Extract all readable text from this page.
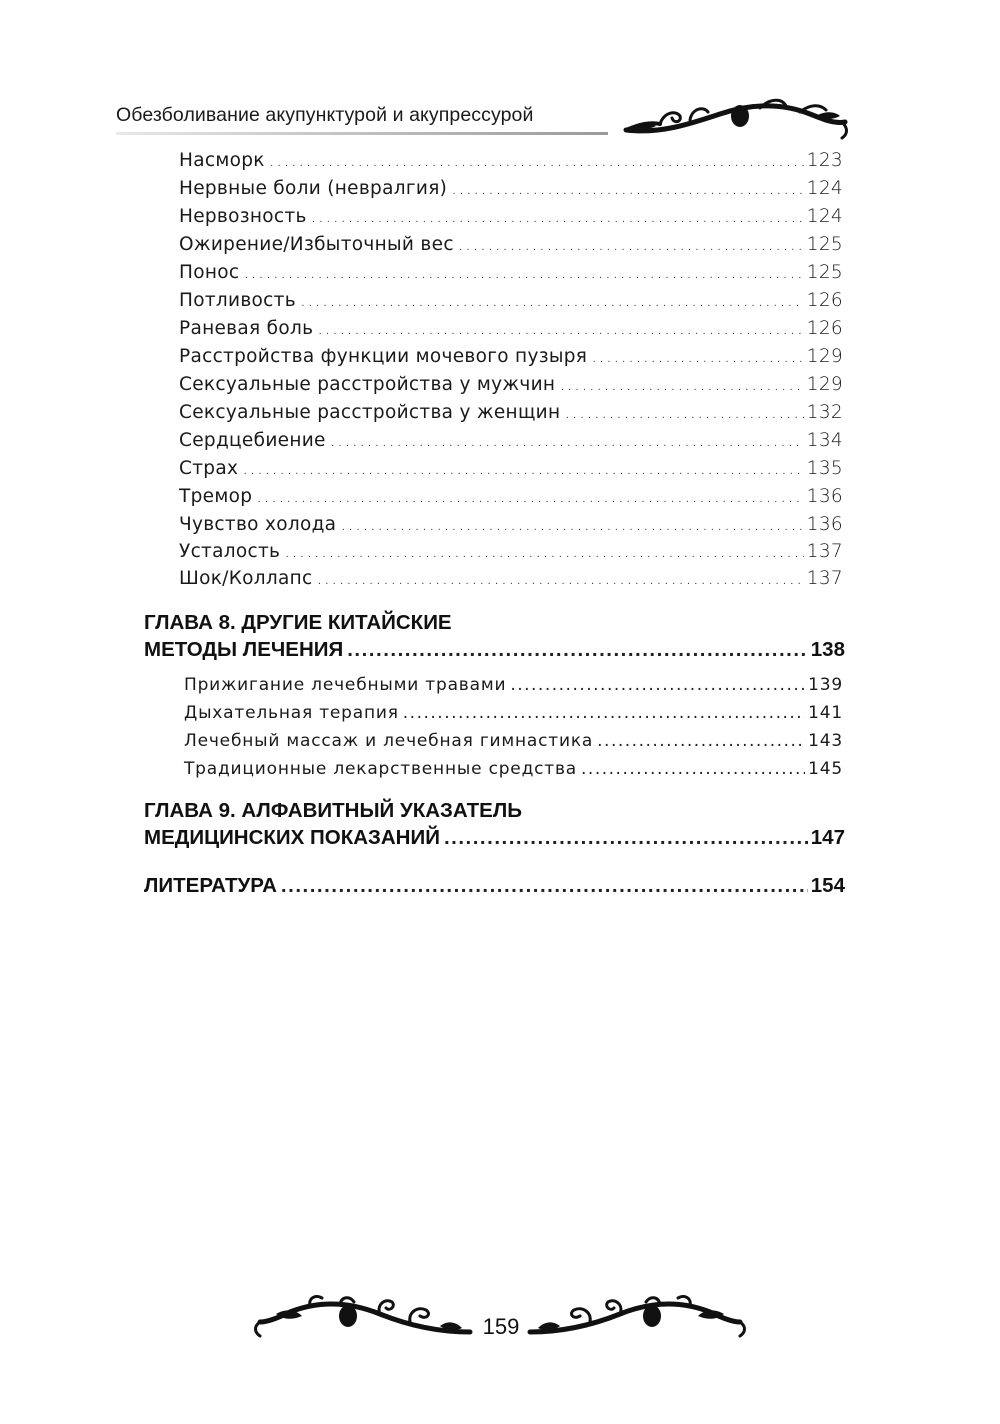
Обезболивание акупунктурой и акупрессурой
Насморк .....	123
Нервные боли (невралгия) .....	124
Нервозность .....	124
Ожирение/Избыточный вес .....	125
Понос .....	125
Потливость .....	126
Раневая боль .....	126
Расстройства функции мочевого пузыря .....	129
Сексуальные расстройства у мужчин .....	129
Сексуальные расстройства у женщин .....	132
Сердцебиение .....	134
Страх .....	135
Тремор .....	136
Чувство холода .....	136
Усталость .....	137
Шок/Коллапс .....	137
ГЛАВА 8. ДРУГИЕ КИТАЙСКИЕ
МЕТОДЫ ЛЕЧЕНИЯ .....	138
Прижигание лечебными травами .....	139
Дыхательная терапия .....	141
Лечебный массаж и лечебная гимнастика .....	143
Традиционные лекарственные средства .....	145
ГЛАВА 9. АЛФАВИТНЫЙ УКАЗАТЕЛЬ
МЕДИЦИНСКИХ ПОКАЗАНИЙ .....	147
ЛИТЕРАТУРА .....	154
159
